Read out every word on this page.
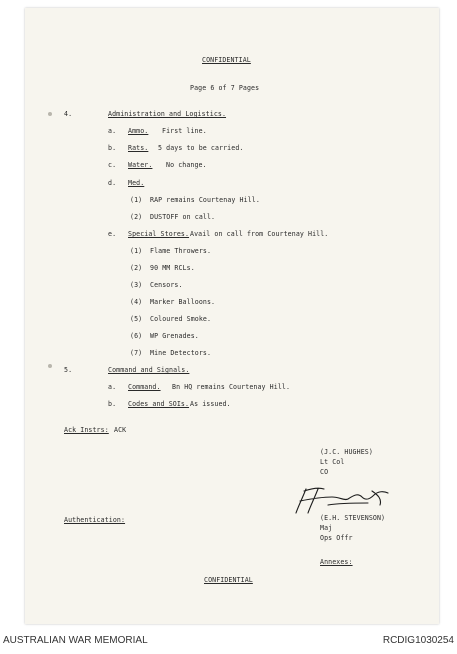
CONFIDENTIAL
Page 6 of 7 Pages
4.	Administration and Logistics.
a. Ammo. First line.
b. Rats. 5 days to be carried.
c. Water. No change.
d. Med.
(1) RAP remains Courtenay Hill.
(2) DUSTOFF on call.
e. Special Stores. Avail on call from Courtenay Hill.
(1) Flame Throwers.
(2) 90 MM RCLs.
(3) Censors.
(4) Marker Balloons.
(5) Coloured Smoke.
(6) WP Grenades.
(7) Mine Detectors.
5.	Command and Signals.
a. Command. Bn HQ remains Courtenay Hill.
b. Codes and SOIs. As issued.
Ack Instrs: ACK
(J.C. HUGHES)
Lt Col
CO
Authentication:	(E.H. STEVENSON)
Maj
Ops Offr
Annexes:
CONFIDENTIAL
AUSTRALIAN WAR MEMORIAL	RCDIG1030254
